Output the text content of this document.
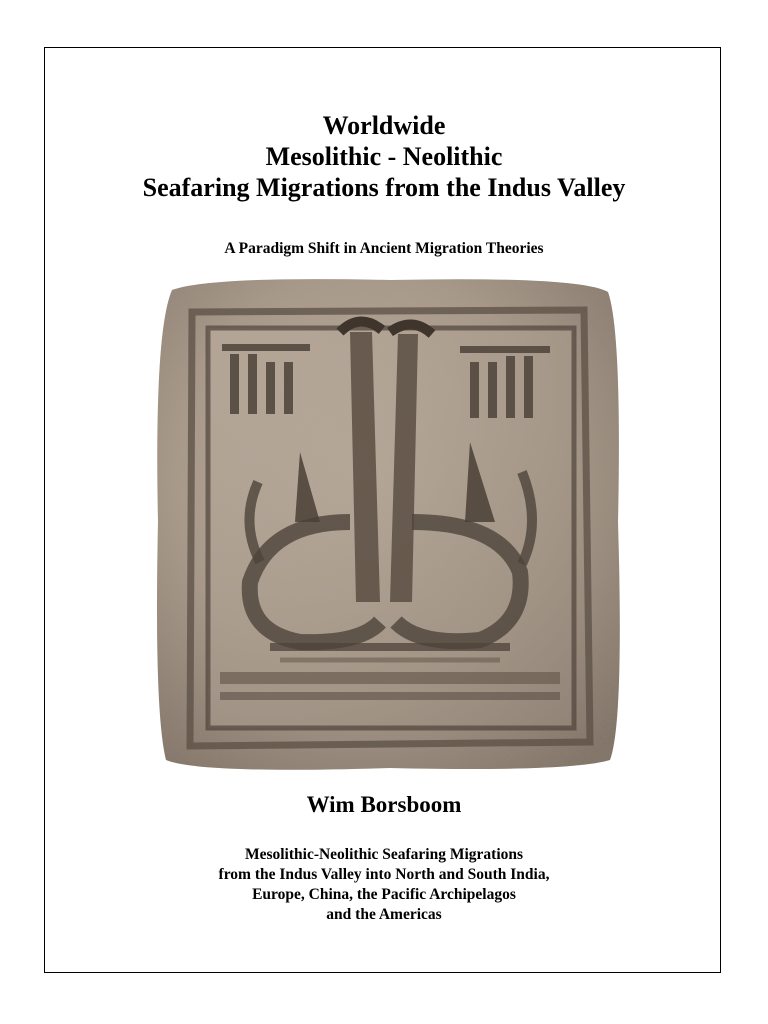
Worldwide
Mesolithic - Neolithic
Seafaring Migrations from the Indus Valley
A Paradigm Shift in Ancient Migration Theories
Wim Borsboom
Mesolithic-Neolithic Seafaring Migrations
from the Indus Valley into North and South India,
Europe, China, the Pacific Archipelagos
and the Americas
